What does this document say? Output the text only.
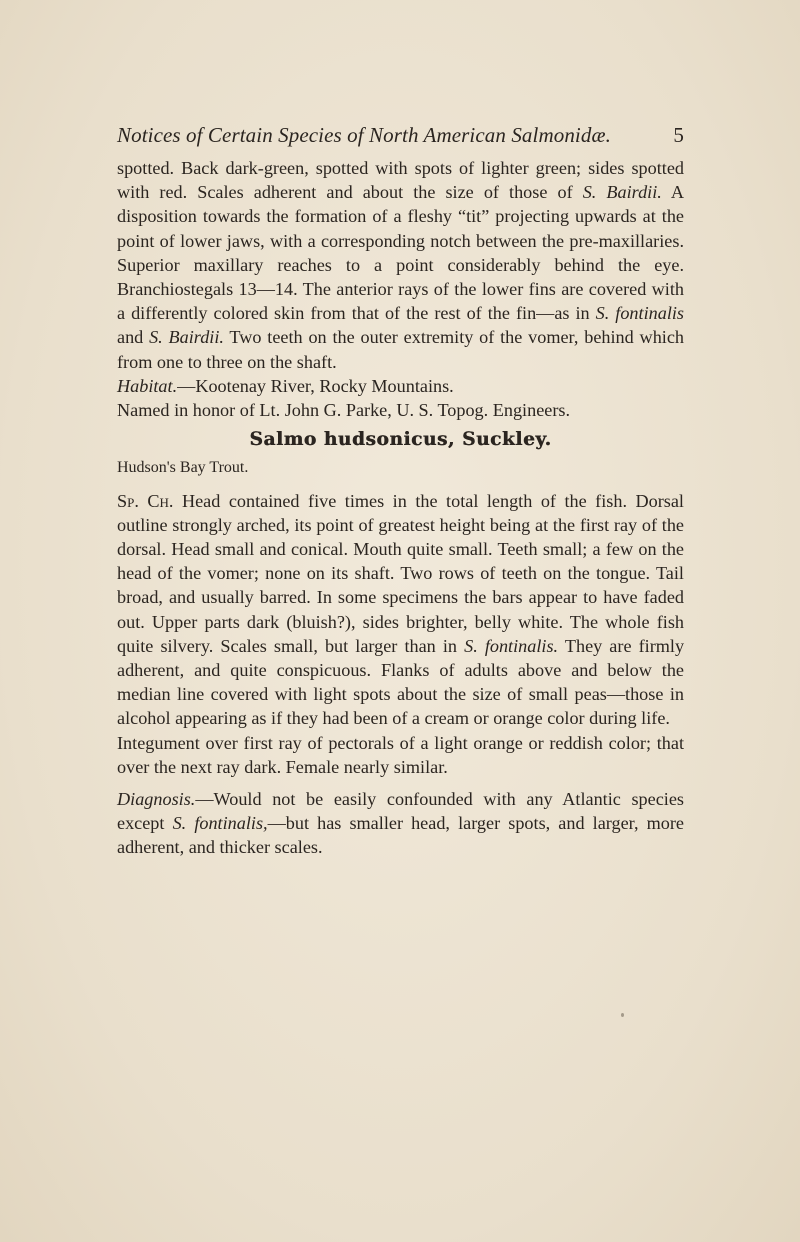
Notices of Certain Species of North American Salmonidæ.	5

spotted. Back dark-green, spotted with spots of lighter green; sides spotted with red. Scales adherent and about the size of those of S. Bairdii. A disposition towards the formation of a fleshy “tit” projecting upwards at the point of lower jaws, with a corresponding notch between the pre-maxillaries. Superior maxillary reaches to a point considerably behind the eye. Branchiostegals 13—14. The anterior rays of the lower fins are covered with a differently colored skin from that of the rest of the fin—as in S. fontinalis and S. Bairdii. Two teeth on the outer extremity of the vomer, behind which from one to three on the shaft.

Habitat.—Kootenay River, Rocky Mountains.

Named in honor of Lt. John G. Parke, U. S. Topog. Engineers.

Salmo hudsonicus, Suckley.

Hudson's Bay Trout.

Sp. Ch. Head contained five times in the total length of the fish. Dorsal outline strongly arched, its point of greatest height being at the first ray of the dorsal. Head small and conical. Mouth quite small. Teeth small; a few on the head of the vomer; none on its shaft. Two rows of teeth on the tongue. Tail broad, and usually barred. In some specimens the bars appear to have faded out. Upper parts dark (bluish?), sides brighter, belly white. The whole fish quite silvery. Scales small, but larger than in S. fontinalis. They are firmly adherent, and quite conspicuous. Flanks of adults above and below the median line covered with light spots about the size of small peas—those in alcohol appearing as if they had been of a cream or orange color during life.

Integument over first ray of pectorals of a light orange or reddish color; that over the next ray dark. Female nearly similar.

Diagnosis.—Would not be easily confounded with any Atlantic species except S. fontinalis,—but has smaller head, larger spots, and larger, more adherent, and thicker scales.
